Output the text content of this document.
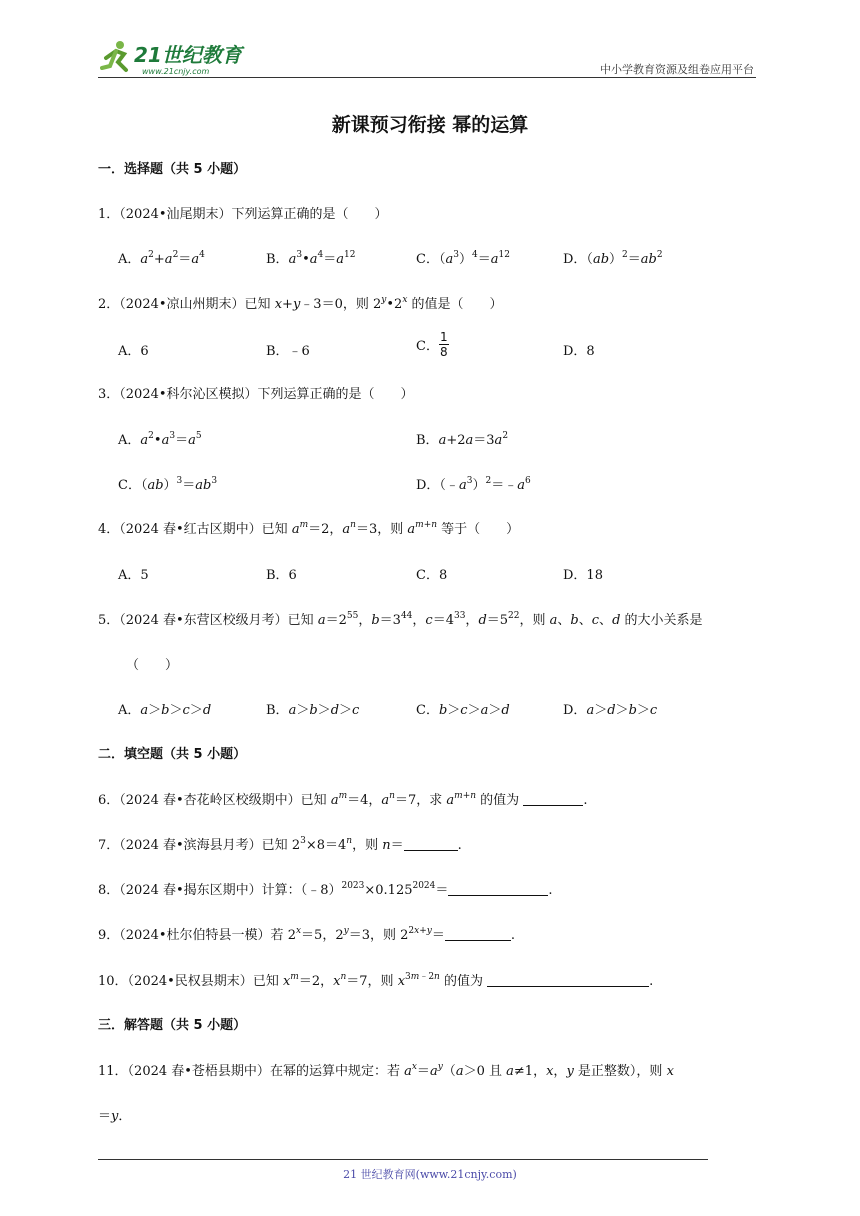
21世纪教育
www.21cnjy.com	中小学教育资源及组卷应用平台
新课预习衔接 幂的运算
一．选择题（共 5 小题）
1．（2024•汕尾期末）下列运算正确的是（　　）
A．$a^2+a^2=a^4$	B．$a^3•a^4=a^{12}$	C．$(a^3)^4=a^{12}$	D．$(ab)^2=ab^2$
2．（2024•凉山州期末）已知 x+y﹣3＝0，则 2$^y$•2$^x$ 的值是（　　）
A．6	B．﹣6	C． $\frac{1}{8}$	D．8
3．（2024•科尔沁区模拟）下列运算正确的是（　　）
A．$a^2•a^3=a^5$	B．$a+2a=3a^2$
C．$(ab)^3=ab^3$	D．$(﹣a^3)^2=﹣a^6$
4．（2024 春•红古区期中）已知 $a^m=2$，$a^n=3$，则 $a^{m+n}$ 等于（　　）
A．5	B．6	C．8	D．18
5．（2024 春•东营区校级月考）已知 $a=2^{55}$，$b=3^{44}$，$c=4^{33}$，$d=5^{22}$，则 a、b、c、d 的大小关系是
（　　）
A．a＞b＞c＞d	B．a＞b＞d＞c	C．b＞c＞a＞d	D．a＞d＞b＞c
二．填空题（共 5 小题）
6．（2024 春•杏花岭区校级期中）已知 $a^m=4$，$a^n=7$，求 $a^{m+n}$ 的值为	.
7．（2024 春•滨海县月考）已知 $2^3\times 8=4^n$，则 n＝	.
8．（2024 春•揭东区期中）计算：$(﹣8)^{2023}\times 0.125^{2024}=$	.
9．（2024•杜尔伯特县一模）若 $2^x=5$，$2^y=3$，则 $2^{2x+y}=$	.
10．（2024•民权县期末）已知 $x^m=2$，$x^n=7$，则 $x^{3m﹣2n}$ 的值为	.
三．解答题（共 5 小题）
11．（2024 春•苍梧县期中）在幂的运算中规定：若 $a^x=a^y(a>0$ 且 a≠1，x，y 是正整数），则 x
＝y．
21 世纪教育网(www.21cnjy.com)
